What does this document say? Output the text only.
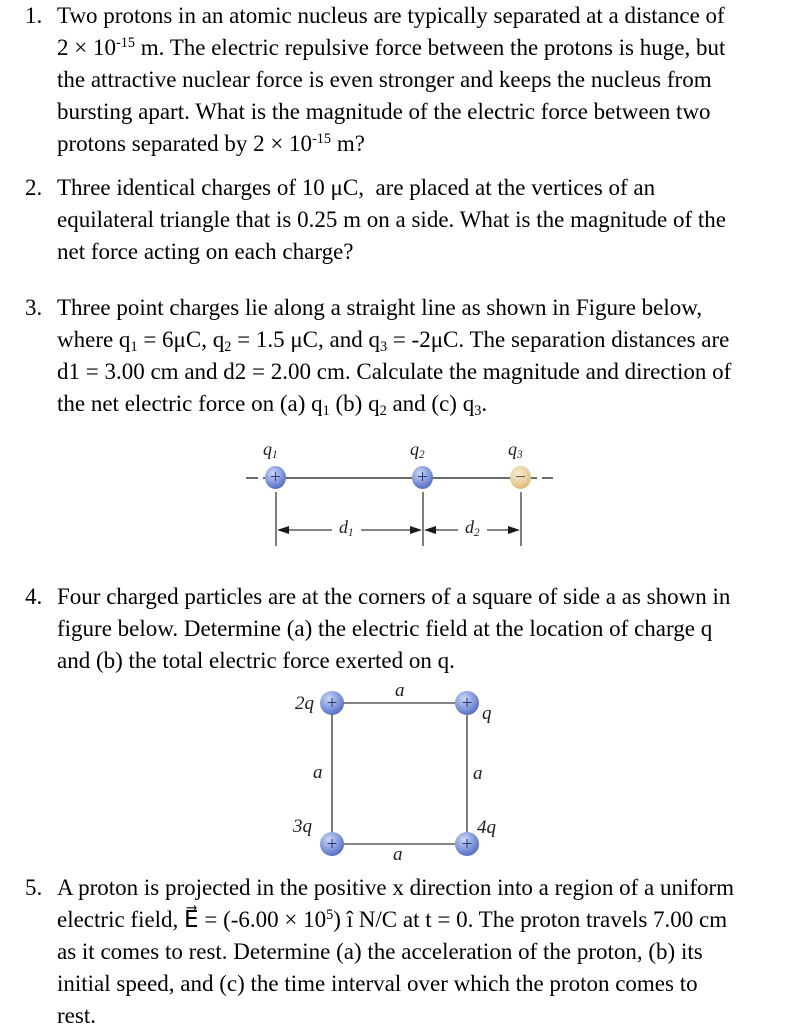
1. Two protons in an atomic nucleus are typically separated at a distance of
$2 \times 10^{-15}$ m. The electric repulsive force between the protons is huge, but
the attractive nuclear force is even stronger and keeps the nucleus from
bursting apart. What is the magnitude of the electric force between two
protons separated by $2 \times 10^{-15}$ m?
2. Three identical charges of 10 μC,  are placed at the vertices of an
equilateral triangle that is 0.25 m on a side. What is the magnitude of the
net force acting on each charge?
3. Three point charges lie along a straight line as shown in Figure below,
where $q_1 = 6\mu C$, $q_2 = 1.5$ μC, and $q_3 = -2\mu C$. The separation distances are
d1 = 3.00 cm and d2 = 2.00 cm. Calculate the magnitude and direction of
the net electric force on (a) $q_1$ (b) $q_2$ and (c) $q_3$.
$q_1$	$q_2$	$q_3$
+	+	−
$d_1$	$d_2$
4. Four charged particles are at the corners of a square of side a as shown in
figure below. Determine (a) the electric field at the location of charge q
and (b) the total electric force exerted on q.
2q	q
3q	4q
a
a	a
a
+	+
+	+
5. A proton is projected in the positive x direction into a region of a uniform
electric field, E⃗ = $(-6.00 \times 10^5)$ î N/C at t = 0. The proton travels 7.00 cm
as it comes to rest. Determine (a) the acceleration of the proton, (b) its
initial speed, and (c) the time interval over which the proton comes to
rest.
